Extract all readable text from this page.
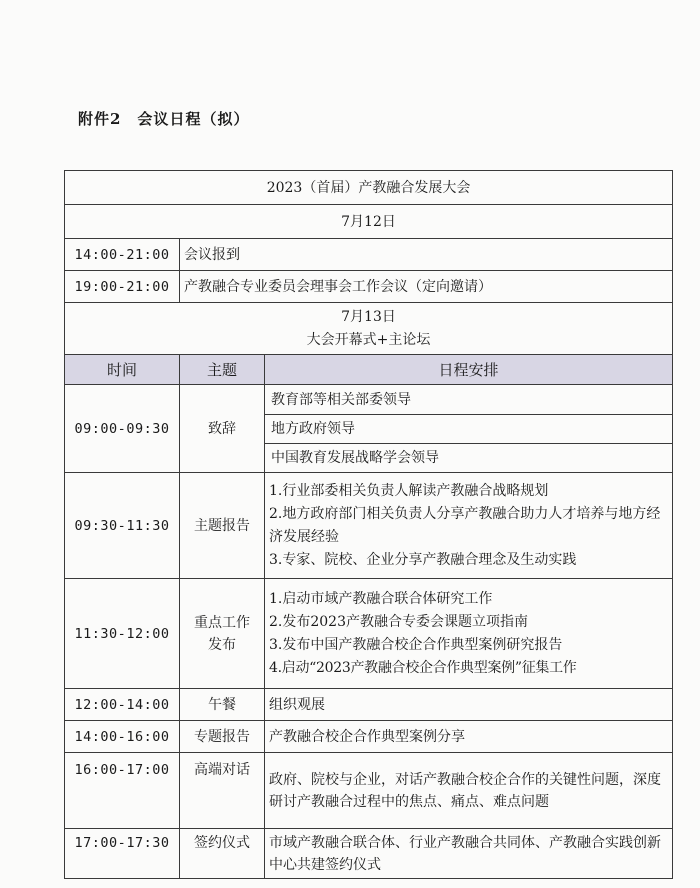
附件2　会议日程（拟）
2023（首届）产教融合发展大会		
7月12日		
14:00-21:00	会议报到	
19:00-21:00	产教融合专业委员会理事会工作会议（定向邀请）	

7月13日
大会开幕式+主论坛		

时间	主题	日程安排
09:00-09:30	致辞	教育部等相关部委领导
地方政府领导
中国教育发展战略学会领导

09:30-11:30	主题报告	1.行业部委相关负责人解读产教融合战略规划
2.地方政府部门相关负责人分享产教融合助力人才培养与地方经济发展经验
3.专家、院校、企业分享产教融合理念及生动实践

11:30-12:00	重点工作发布	1.启动市域产教融合联合体研究工作
2.发布2023产教融合专委会课题立项指南
3.发布中国产教融合校企合作典型案例研究报告
4.启动“2023产教融合校企合作典型案例”征集工作

12:00-14:00	午餐	组织观展
14:00-16:00	专题报告	产教融合校企合作典型案例分享
16:00-17:00	高端对话	政府、院校与企业，对话产教融合校企合作的关键性问题，深度研讨产教融合过程中的焦点、痛点、难点问题
17:00-17:30	签约仪式	市域产教融合联合体、行业产教融合共同体、产教融合实践创新中心共建签约仪式
